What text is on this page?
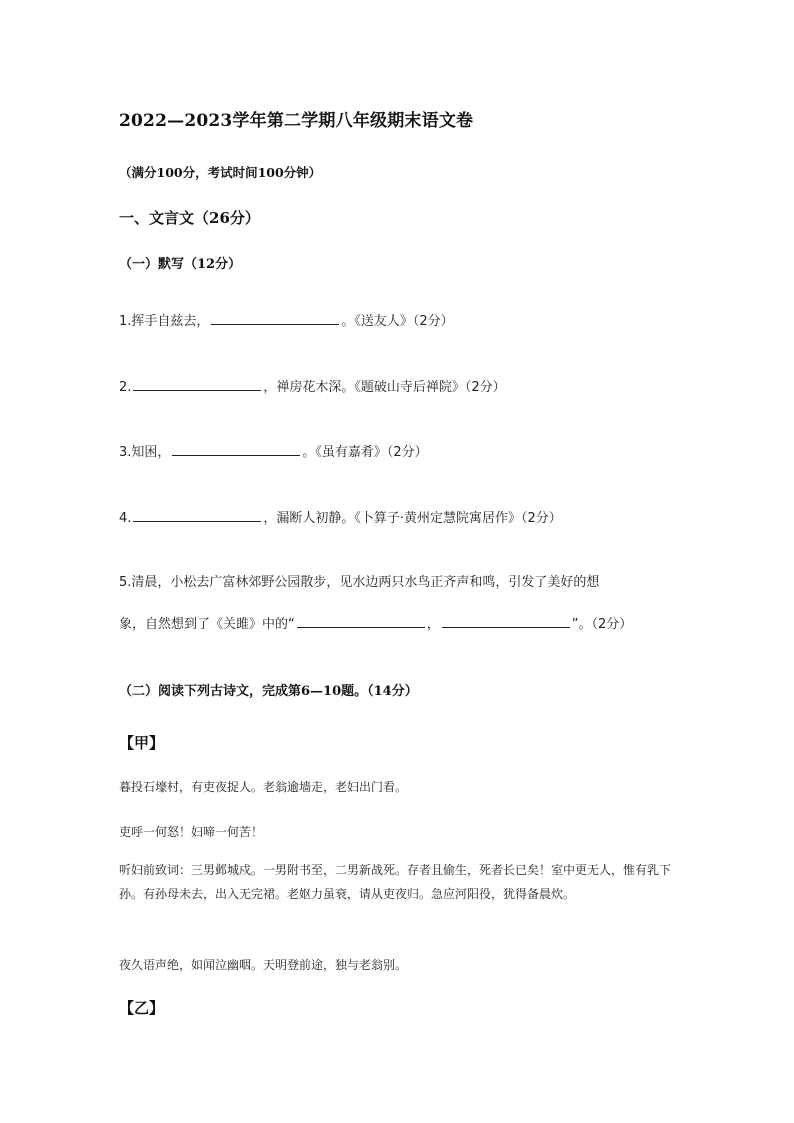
2022—2023学年第二学期八年级期末语文卷
（满分100分，考试时间100分钟）
一、文言文（26分）
（一）默写（12分）
1.挥手自兹去，	。《送友人》（2分）
2.	，禅房花木深。《题破山寺后禅院》（2分）
3.知困，	。《虽有嘉肴》（2分）
4.	，漏断人初静。《卜算子·黄州定慧院寓居作》（2分）
5.清晨，小松去广富林郊野公园散步，见水边两只水鸟正齐声和鸣，引发了美好的想
象，自然想到了《关雎》中的“	，	”。（2分）
（二）阅读下列古诗文，完成第6—10题。（14分）
【甲】
暮投石壕村，有吏夜捉人。老翁逾墙走，老妇出门看。
吏呼一何怒！妇啼一何苦！
听妇前致词：三男邺城戍。一男附书至，二男新战死。存者且偷生，死者长已矣！室中更无人，惟有乳下孙。有孙母未去，出入无完裙。老妪力虽衰，请从吏夜归。急应河阳役，犹得备晨炊。
夜久语声绝，如闻泣幽咽。天明登前途，独与老翁别。
【乙】
